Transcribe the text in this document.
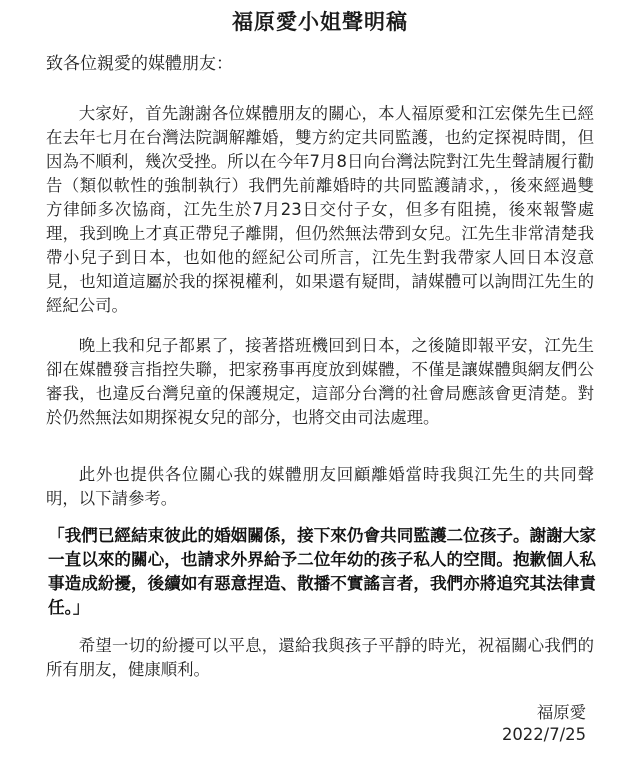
福原愛小姐聲明稿
致各位親愛的媒體朋友：

大家好，首先謝謝各位媒體朋友的關心，本人福原愛和江宏傑先生已經在去年七月在台灣法院調解離婚，雙方約定共同監護，也約定探視時間，但因為不順利，幾次受挫。所以在今年7月8日向台灣法院對江先生聲請履行勸告（類似軟性的強制執行）我們先前離婚時的共同監護請求，，後來經過雙方律師多次協商，江先生於7月23日交付子女，但多有阻撓，後來報警處理，我到晚上才真正帶兒子離開，但仍然無法帶到女兒。江先生非常清楚我帶小兒子到日本，也如他的經紀公司所言，江先生對我帶家人回日本沒意見，也知道這屬於我的探視權利，如果還有疑問，請媒體可以詢問江先生的經紀公司。

晚上我和兒子都累了，接著搭班機回到日本，之後隨即報平安，江先生卻在媒體發言指控失聯，把家務事再度放到媒體，不僅是讓媒體與網友們公審我，也違反台灣兒童的保護規定，這部分台灣的社會局應該會更清楚。對於仍然無法如期探視女兒的部分，也將交由司法處理。

此外也提供各位關心我的媒體朋友回顧離婚當時我與江先生的共同聲明，以下請參考。

「我們已經結束彼此的婚姻關係，接下來仍會共同監護二位孩子。謝謝大家一直以來的關心，也請求外界給予二位年幼的孩子私人的空間。抱歉個人私事造成紛擾，後續如有惡意捏造、散播不實謠言者，我們亦將追究其法律責任。」

希望一切的紛擾可以平息，還給我與孩子平靜的時光，祝福關心我們的所有朋友，健康順利。

福原愛
2022/7/25
